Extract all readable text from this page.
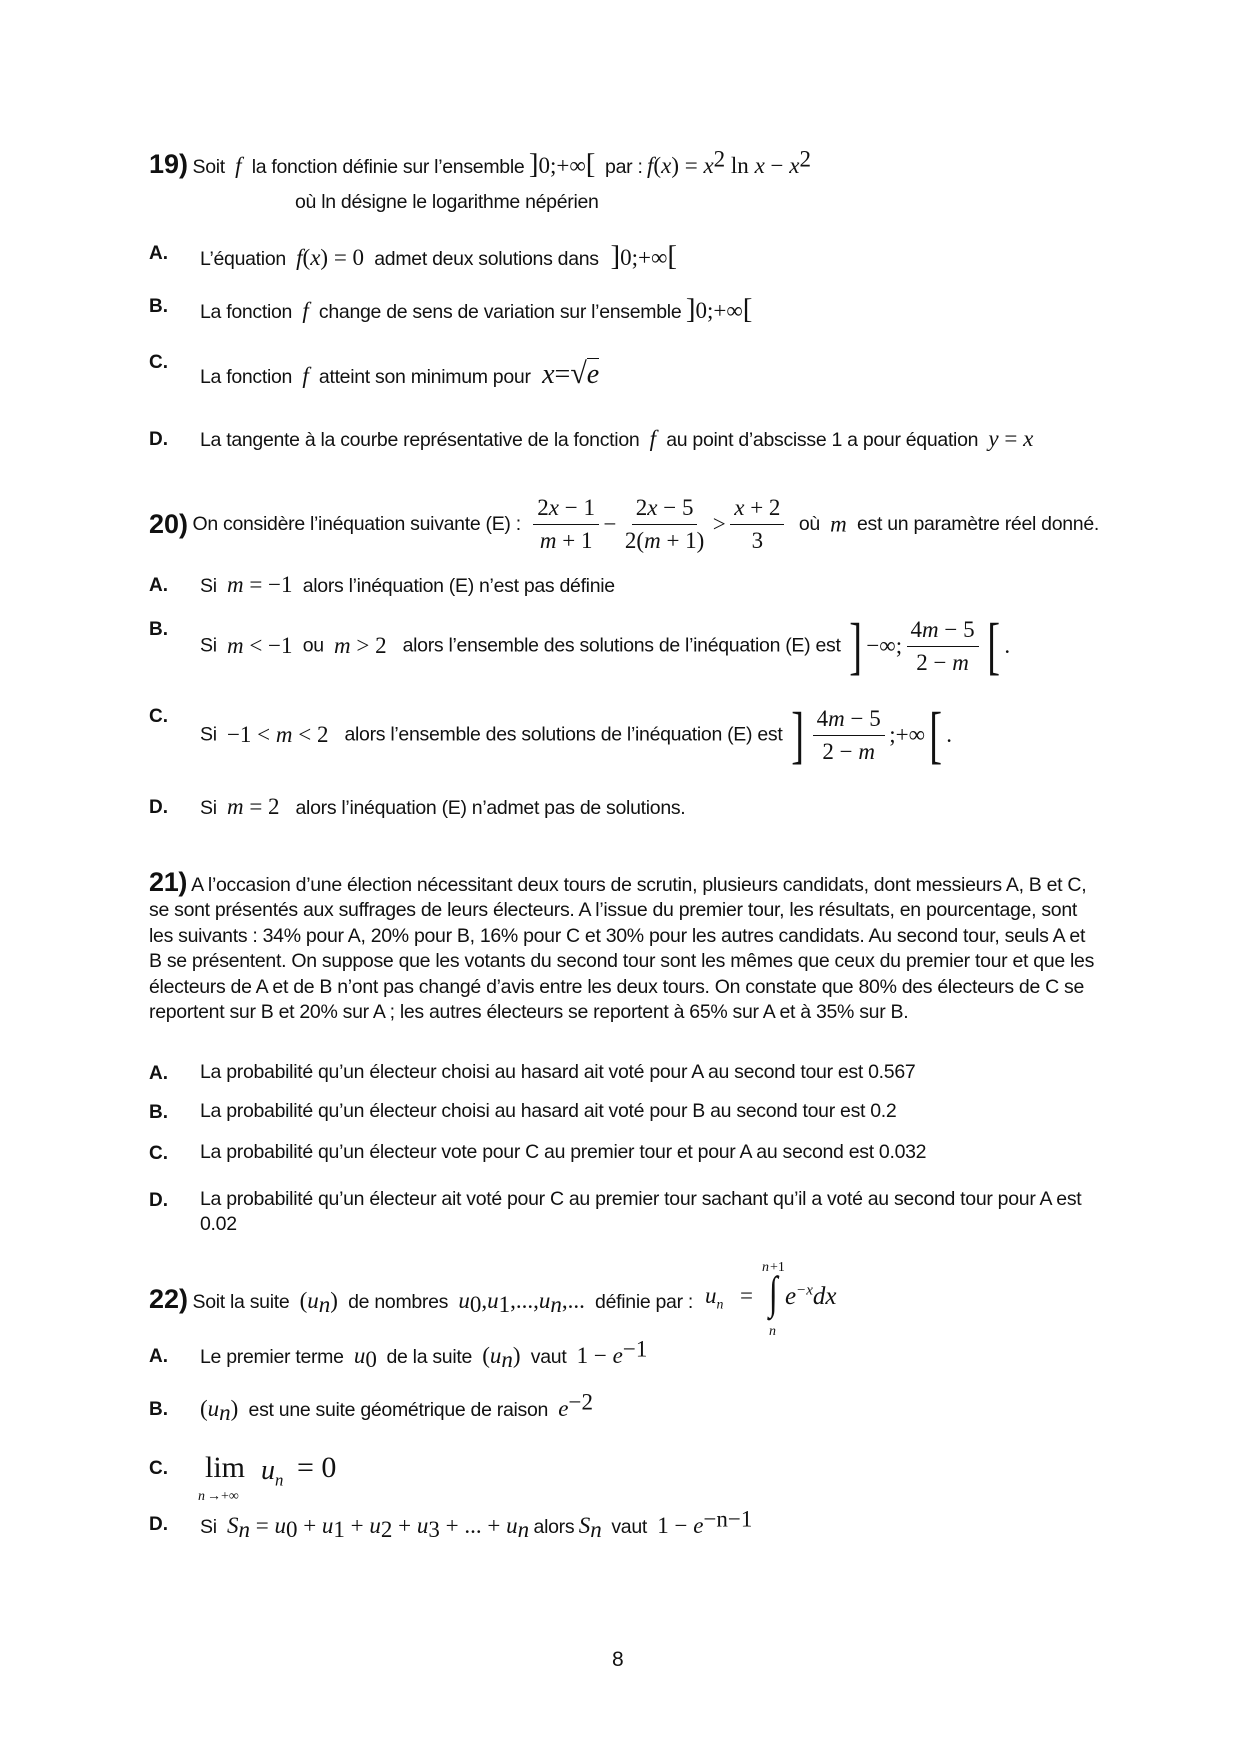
19) Soit  f  la fonction définie sur l’ensemble ]0;+∞[ par : $f(x) = x^2$ $\ln x - x^2$
où ln désigne le logarithme népérien
A. L’équation  f(x) = 0  admet deux solutions dans  ]0;+∞[
B. La fonction  f  change de sens de variation sur l’ensemble ]0;+∞[
C.
La fonction  f  atteint son minimum pour  x=√e
D. La tangente à la courbe représentative de la fonction  f  au point d’abscisse 1 a pour équation  y = x
20) On considère l’inéquation suivante (E) : $\frac{2x - 1}{m + 1} - \frac{2x - 5}{2(m + 1)} > \frac{x + 2}{3}$ où  m  est un paramètre réel donné.
A. Si  m = −1  alors l’inéquation (E) n’est pas définie
B.
Si  m < −1  ou  m > 2   alors l’ensemble des solutions de l’inéquation (E) est ] −∞; $\frac{4m - 5}{2 - m}$ [ .
C.
Si  −1 < m < 2   alors l’ensemble des solutions de l’inéquation (E) est ] $\frac{4m - 5}{2 - m}$ ;+∞[ .
D. Si  m = 2   alors l’inéquation (E) n’admet pas de solutions.
21) A l’occasion d’une élection nécessitant deux tours de scrutin, plusieurs candidats, dont messieurs A, B et C, se sont présentés aux suffrages de leurs électeurs. A l’issue du premier tour, les résultats, en pourcentage, sont les suivants : 34% pour A, 20% pour B, 16% pour C et 30% pour les autres candidats. Au second tour, seuls A et B se présentent. On suppose que les votants du second tour sont les mêmes que ceux du premier tour et que les électeurs de A et de B n’ont pas changé d’avis entre les deux tours. On constate que 80% des électeurs de C se reportent sur B et 20% sur A ; les autres électeurs se reportent à 65% sur A et à 35% sur B.
A. La probabilité qu’un électeur choisi au hasard ait voté pour A au second tour est 0.567
B. La probabilité qu’un électeur choisi au hasard ait voté pour B au second tour est 0.2
C. La probabilité qu’un électeur vote pour C au premier tour et pour A au second est 0.032
D. La probabilité qu’un électeur ait voté pour C au premier tour sachant qu’il a voté au second tour pour A est 0.02
22) Soit la suite  $(u_n)$  de nombres  $u_0,u_1,...,u_n$,...  définie par : $u_n$ =
n +1
∫
n
$e^{-x}dx$
A. Le premier terme  $u_0$ de la suite  $(u_n)$  vaut  $1 - e^{-1}$
B. $(u_n)$  est une suite géométrique de raison  $e^{-2}$
C. $\lim u_n = 0$
n →+∞
D. Si  $S_n = u_0 + u_1 + u_2 + u_3$ + ... + $u_n$ alors $S_n$ vaut  $1 - e^{-n-1}$
8
